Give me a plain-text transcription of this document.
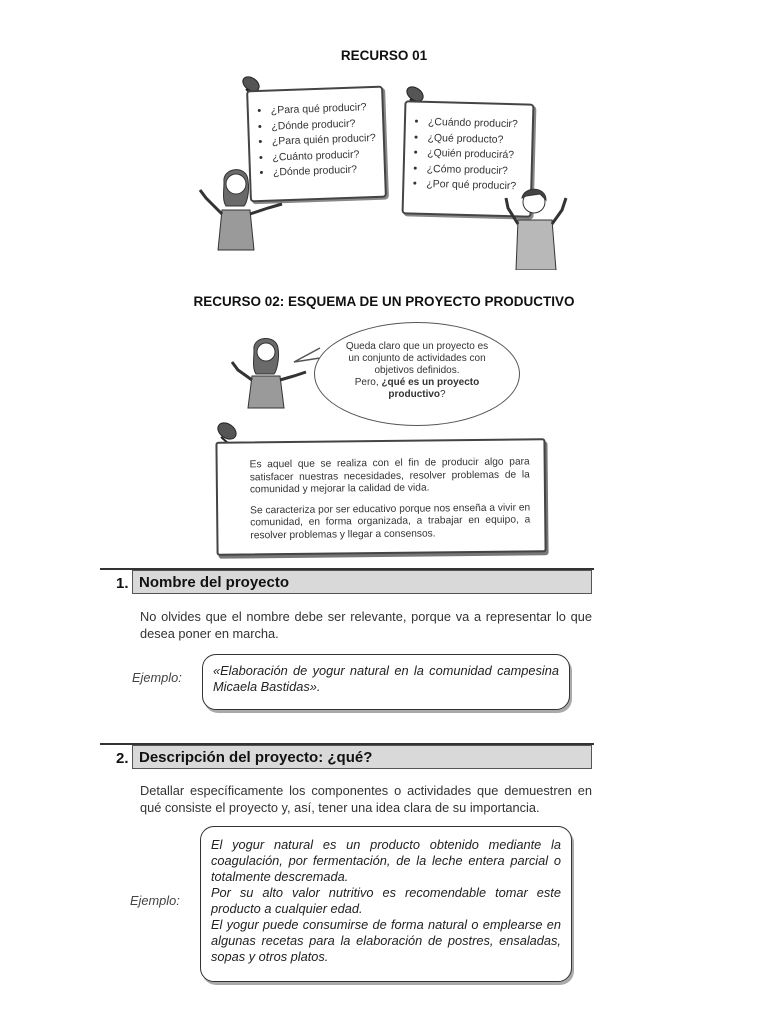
RECURSO 01
• ¿Para qué producir?
• ¿Dónde producir?
• ¿Para quién producir?
• ¿Cuánto producir?
• ¿Dónde producir?
• ¿Cuándo producir?
• ¿Qué producto?
• ¿Quién producirá?
• ¿Cómo producir?
• ¿Por qué producir?
RECURSO 02: ESQUEMA DE UN PROYECTO PRODUCTIVO
Queda claro que un proyecto es un conjunto de actividades con objetivos definidos.
Pero, ¿qué es un proyecto productivo?

Es aquel que se realiza con el fin de producir algo para satisfacer nuestras necesidades, resolver problemas de la comunidad y mejorar la calidad de vida.

Se caracteriza por ser educativo porque nos enseña a vivir en comunidad, en forma organizada, a trabajar en equipo, a resolver problemas y llegar a consensos.

1. Nombre del proyecto
No olvides que el nombre debe ser relevante, porque va a representar lo que desea poner en marcha.
Ejemplo:	«Elaboración de yogur natural en la comunidad campesina Micaela Bastidas».
2. Descripción del proyecto: ¿qué?
Detallar específicamente los componentes o actividades que demuestren en qué consiste el proyecto y, así, tener una idea clara de su importancia.
Ejemplo:
El yogur natural es un producto obtenido mediante la coagulación, por fermentación, de la leche entera parcial o totalmente descremada.
Por su alto valor nutritivo es recomendable tomar este producto a cualquier edad.
El yogur puede consumirse de forma natural o emplearse en algunas recetas para la elaboración de postres, ensaladas, sopas y otros platos.
